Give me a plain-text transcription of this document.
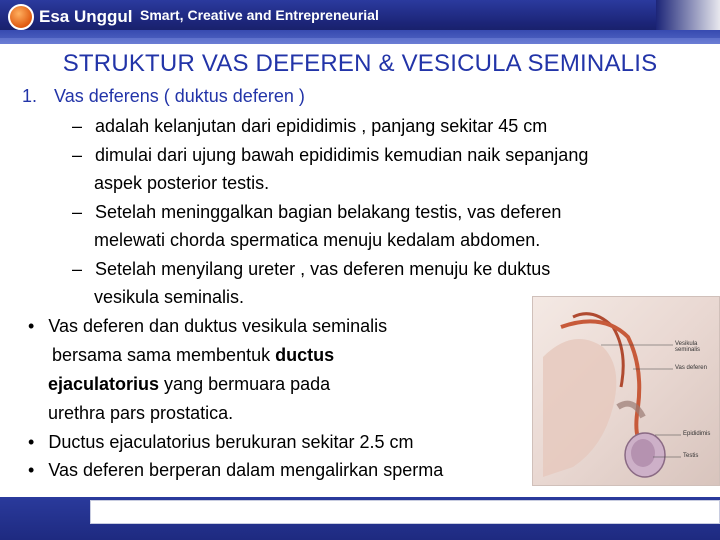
Esa Unggul Smart, Creative and Entrepreneurial
STRUKTUR VAS DEFEREN & VESICULA SEMINALIS
1. Vas deferens ( duktus deferen )
– adalah kelanjutan dari epididimis , panjang sekitar 45 cm
– dimulai dari ujung bawah epididimis kemudian naik sepanjang
aspek posterior testis.
– Setelah meninggalkan bagian belakang testis, vas deferen
melewati chorda spermatica menuju kedalam abdomen.
– Setelah menyilang ureter , vas deferen menuju ke duktus
vesikula seminalis.
• Vas deferen dan duktus vesikula seminalis
bersama sama membentuk ductus
ejaculatorius yang bermuara pada
urethra pars prostatica.
• Ductus ejaculatorius berukuran sekitar 2.5 cm
• Vas deferen berperan dalam mengalirkan sperma
Vesikula seminalis
Vas deferen
Epididimis
Testis
